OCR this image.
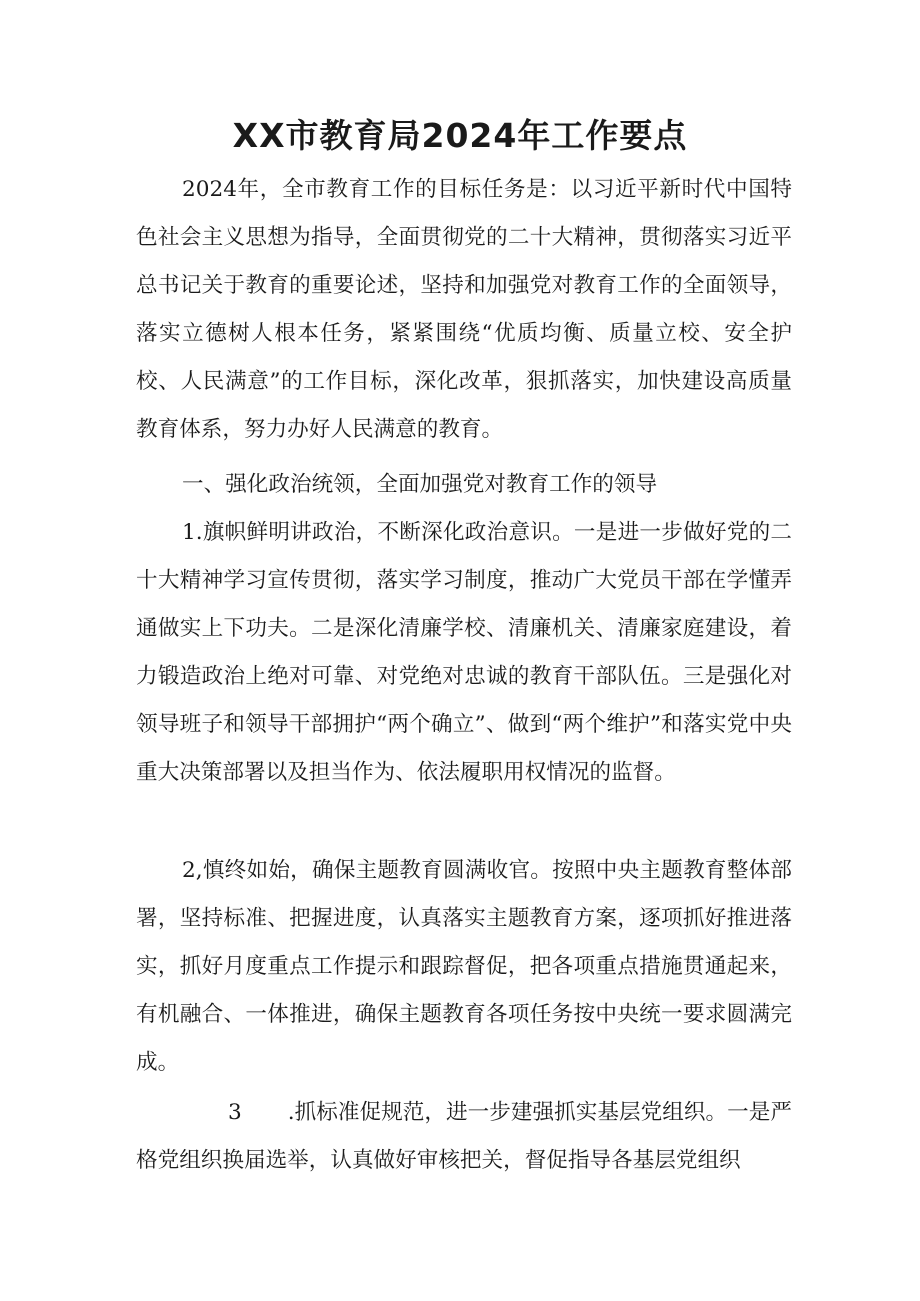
XX市教育局2024年工作要点

2024年，全市教育工作的目标任务是：以习近平新时代中国特色社会主义思想为指导，全面贯彻党的二十大精神，贯彻落实习近平总书记关于教育的重要论述，坚持和加强党对教育工作的全面领导，落实立德树人根本任务，紧紧围绕“优质均衡、质量立校、安全护校、人民满意”的工作目标，深化改革，狠抓落实，加快建设高质量教育体系，努力办好人民满意的教育。

一、强化政治统领，全面加强党对教育工作的领导

1.旗帜鲜明讲政治，不断深化政治意识。一是进一步做好党的二十大精神学习宣传贯彻，落实学习制度，推动广大党员干部在学懂弄通做实上下功夫。二是深化清廉学校、清廉机关、清廉家庭建设，着力锻造政治上绝对可靠、对党绝对忠诚的教育干部队伍。三是强化对领导班子和领导干部拥护“两个确立”、做到“两个维护”和落实党中央重大决策部署以及担当作为、依法履职用权情况的监督。

2,慎终如始，确保主题教育圆满收官。按照中央主题教育整体部署，坚持标准、把握进度，认真落实主题教育方案，逐项抓好推进落实，抓好月度重点工作提示和跟踪督促，把各项重点措施贯通起来，有机融合、一体推进，确保主题教育各项任务按中央统一要求圆满完成。

3 .抓标准促规范，进一步建强抓实基层党组织。一是严格党组织换届选举，认真做好审核把关，督促指导各基层党组织
